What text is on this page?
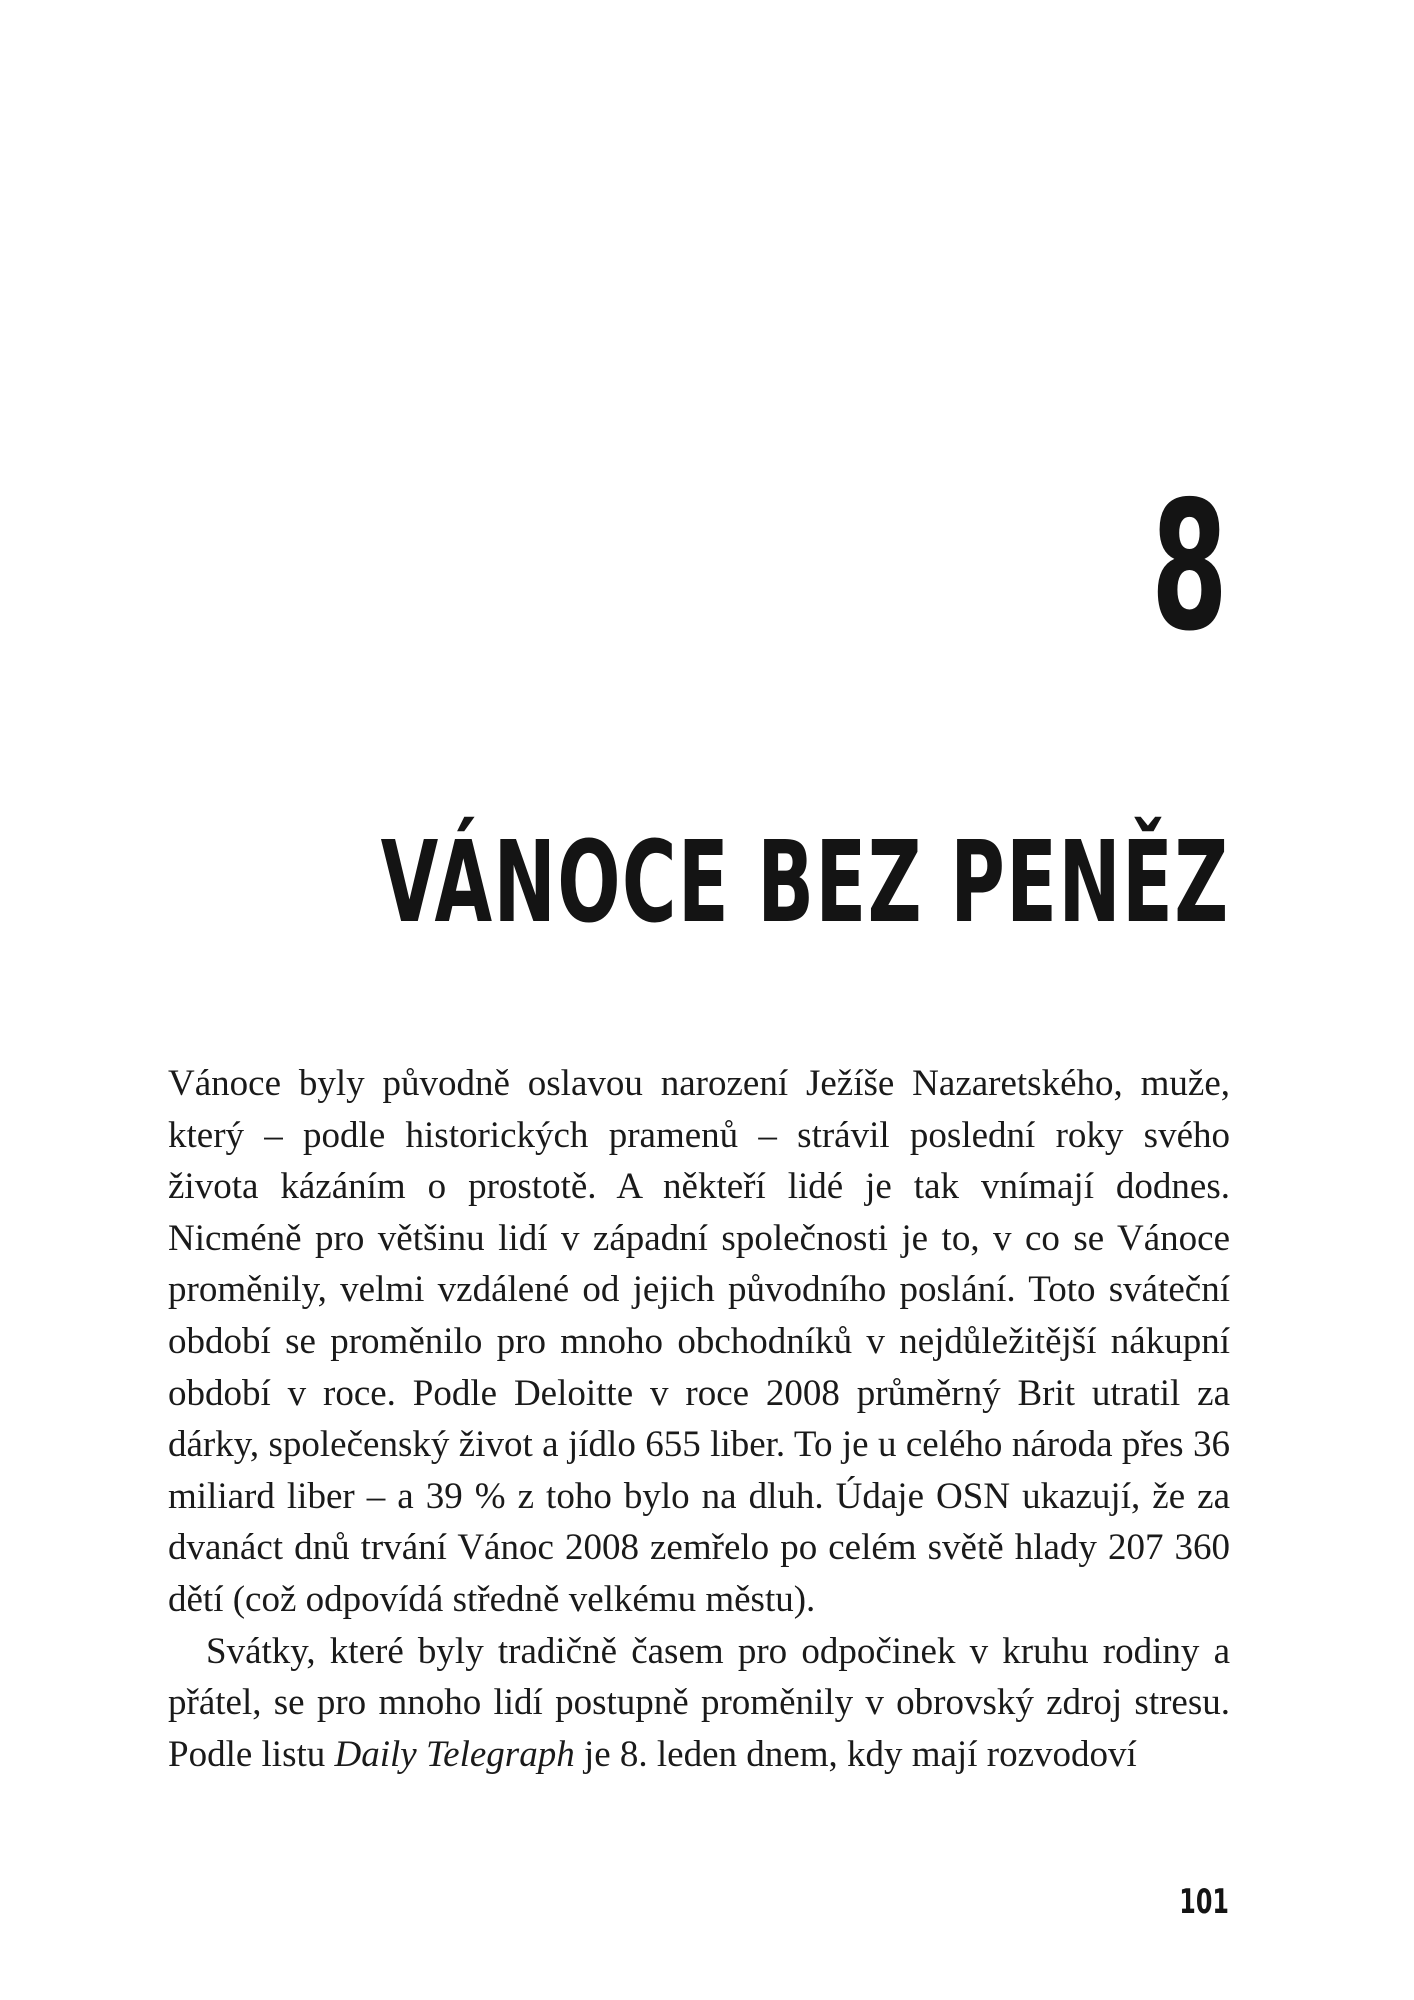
8
VÁNOCE BEZ PENĚZ

Vánoce byly původně oslavou narození Ježíše Nazaretského, muže, který – podle historických pramenů – strávil poslední roky svého života kázáním o prostotě. A někteří lidé je tak vnímají dodnes. Nicméně pro většinu lidí v západní společnosti je to, v co se Vánoce proměnily, velmi vzdálené od jejich původního poslání. Toto sváteční období se proměnilo pro mnoho obchodníků v nejdůležitější nákupní období v roce. Podle Deloitte v roce 2008 průměrný Brit utratil za dárky, společenský život a jídlo 655 liber. To je u celého národa přes 36 miliard liber – a 39 % z toho bylo na dluh. Údaje OSN ukazují, že za dvanáct dnů trvání Vánoc 2008 zemřelo po celém světě hlady 207 360 dětí (což odpovídá středně velkému městu).

Svátky, které byly tradičně časem pro odpočinek v kruhu rodiny a přátel, se pro mnoho lidí postupně proměnily v obrovský zdroj stresu. Podle listu Daily Telegraph je 8. leden dnem, kdy mají rozvodoví

101
